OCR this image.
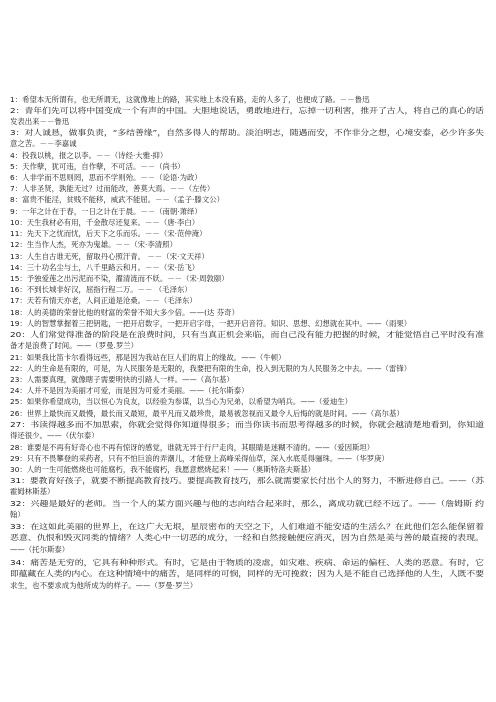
1：希望本无所谓有，也无所谓无，这就像地上的路，其实地上本没有路，走的人多了，也便成了路。－－鲁迅
2：青年们先可以将中国变成一个有声的中国。大胆地说话，勇敢地进行，忘掉一切利害，推开了古人，将自己的真心的话
发表出来－－鲁迅
3：对人诚恳，做事负责，“多结善缘”，自然多得人的帮助。淡泊明志，随遇而安，不作非分之想，心境安泰，必少许多失
意之苦。－－李嘉诚
4：投我以桃，报之以李。－－（诗经·大雅·抑）
5：天作孽，犹可违，自作孽，不可活。－－（尚书）
6：人非学而不思则罔，思而不学则殆。－－（论语·为政）
7：人非圣贤，孰能无过？过而能改，善莫大焉。－－（左传）
8：富贵不能淫，贫贱不能移，威武不能屈。－－（孟子·滕文公）
9：一年之计在于春，一日之计在于晨。－－（南朝·萧绎）
10：天生我材必有用，千金散尽还复来。－－（唐·李白）
11：先天下之忧而忧，后天下之乐而乐。－－（宋·范仲淹）
12：生当作人杰，死亦为鬼雄。－－（宋·李清照）
13：人生自古谁无死，留取丹心照汗青。 －－（宋·文天祥）
14：三十功名尘与土，八千里路云和月。－－（宋·岳飞）
15：予独爱莲之出污泥而不染，濯清涟而不妖。－－（宋·周敦颐）
16：不到长城非好汉，屈指行程二万。－－ （毛泽东）
17：天若有情天亦老，人间正道是沧桑。－－（毛泽东）
18：人的美德的荣誉比他的财富的荣誉不知大多少倍。——(达 芬奇）
19：人的智慧掌握着三把钥匙，一把开启数字，一把开启字母，一把开启音符。知识、思想、幻想就在其中。——（雨果）
20：人们常觉得准备的阶段是在浪费时间，只有当真正机会来临，而自己没有能力把握的时候，才能觉悟自己平时没有准
备才是浪费了时间。——（罗曼.罗兰）
21：如果我比笛卡尔看得远些，那是因为我站在巨人们的肩上的缘故。——（牛顿）
22：人的生命是有限的，可是，为人民服务是无限的，我要把有限的生命，投入到无限的为人民服务之中去。——（雷锋）
23：人需要真理，就像瞎子需要明快的引路人一样。——（高尔基）
24：人并不是因为美丽才可爱，而是因为可爱才美丽。——（托尔斯泰）
25：如果你希望成功，当以恒心为良友，以经验为参谋，以当心为兄弟，以希望为哨兵。——（爱迪生）
26：世界上最快而又最慢，最长而又最短，最平凡而又最珍贵，最易被忽视而又最令人后悔的就是时间。——（高尔基）
27：书读得越多而不加思索，你就会觉得你知道得很多；而当你读书而思考得越多的时候，你就会越清楚地看到，你知道
得还很少。——（伏尔泰）
28：谁要是不再有好奇心也不再有惊讶的感觉，谁就无异于行尸走肉，其眼睛是迷糊不清的。——（爱因斯坦）
29：只有不畏攀登的采药者，只有不怕巨浪的弄潮儿，才能登上高峰采得仙草，深入水底觅得骊珠。——（华罗庚）
30：人的一生可能燃烧也可能腐朽，我不能腐朽，我愿意燃烧起来！——（奥斯特洛夫斯基）
31：要教育好孩子，就要不断提高教育技巧。要提高教育技巧，那么就需要家长付出个人的努力，不断进修自己。——（苏
霍姆林斯基）
32：兴趣是最好的老师。当一个人的某方面兴趣与他的志向结合起来时，那么，离成功就已经不远了。——（詹姆斯 约
翰）
33：在这如此美丽的世界上，在这广大无垠，星辰密布的天空之下，人们难道不能安适的生活么？在此他们怎么能保留着
恶意、仇恨和毁灭同类的情绪？人类心中一切恶的成分，一经和自然接触便应消灭，因为自然是美与善的最直接的表现。
——（托尔斯泰）
34：痛苦是无穷的，它具有种种形式。有时，它是由于物质的凌虐，如灾难、疾病、命运的偏枉、人类的恶意。有时，它
即蕴藏在人类的内心。在这种情境中的痛苦，是同样的可悯，同样的无可挽救；因为人是不能自己选择他的人生，人既不要
求生，也不要求成为他所成为的样子。——（罗曼·罗兰）
